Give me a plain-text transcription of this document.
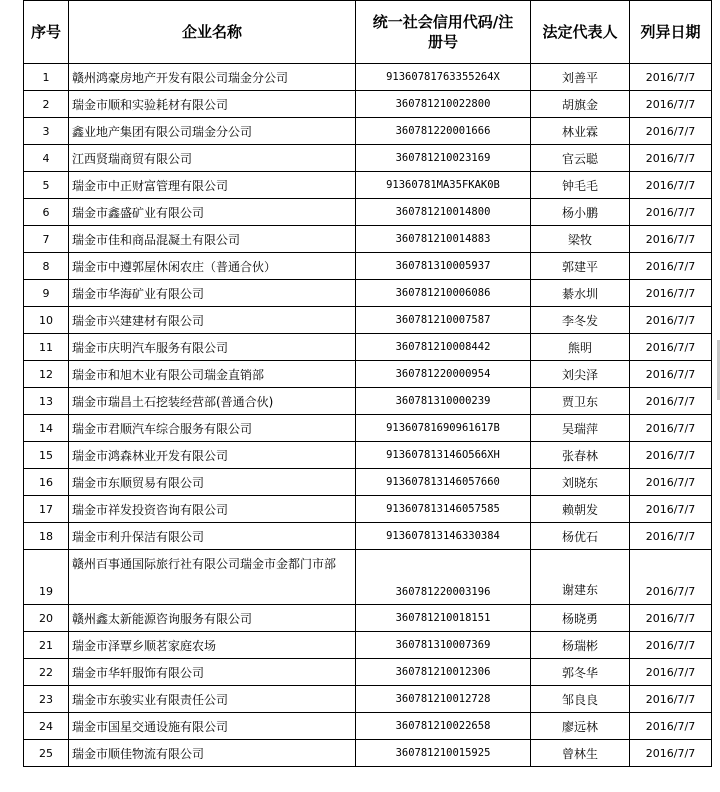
序号	企业名称	统一社会信用代码/注册号	法定代表人	列异日期
1	赣州鸿豪房地产开发有限公司瑞金分公司	9136078176335526​4X	刘善平	2016/7/7
2	瑞金市顺和实验耗材有限公司	360781210022800	胡旗金	2016/7/7
3	鑫业地产集团有限公司瑞金分公司	360781220001666	林业霖	2016/7/7
4	江西贤瑞商贸有限公司	360781210023169	官云聪	2016/7/7
5	瑞金市中正财富管理有限公司	91360781MA35FKAK0B	钟毛毛	2016/7/7
6	瑞金市鑫盛矿业有限公司	360781210014800	杨小鹏	2016/7/7
7	瑞金市佳和商品混凝土有限公司	360781210014883	梁牧	2016/7/7
8	瑞金市中遵郭屋休闲农庄（普通合伙）	360781310005937	郭建平	2016/7/7
9	瑞金市华海矿业有限公司	360781210006086	綦水圳	2016/7/7
10	瑞金市兴建建材有限公司	360781210007587	李冬发	2016/7/7
11	瑞金市庆明汽车服务有限公司	360781210008442	熊明	2016/7/7
12	瑞金市和旭木业有限公司瑞金直销部	360781220000954	刘尖泽	2016/7/7
13	瑞金市瑞昌土石挖装经营部(普通合伙)	360781310000239	贾卫东	2016/7/7
14	瑞金市君顺汽车综合服务有限公司	9136078169096161​7B	吴瑞萍	2016/7/7
15	瑞金市鸿森林业开发有限公司	913607813146O566XH	张春林	2016/7/7
16	瑞金市东顺贸易有限公司	91360781314605766​0	刘晓东	2016/7/7
17	瑞金市祥发投资咨询有限公司	91360781314605758​5	赖朝发	2016/7/7
18	瑞金市利升保洁有限公司	91360781314633038​4	杨优石	2016/7/7
19	赣州百事通国际旅行社有限公司瑞金市金都门市部	360781220003196	谢建东	2016/7/7
20	赣州鑫太新能源咨询服务有限公司	360781210018151	杨晓勇	2016/7/7
21	瑞金市泽覃乡顺茗家庭农场	360781310007369	杨瑞彬	2016/7/7
22	瑞金市华轩服饰有限公司	360781210012306	郭冬华	2016/7/7
23	瑞金市东骏实业有限责任公司	360781210012728	邹良良	2016/7/7
24	瑞金市国星交通设施有限公司	360781210022658	廖远林	2016/7/7
25	瑞金市顺佳物流有限公司	360781210015925	曾林生	2016/7/7
